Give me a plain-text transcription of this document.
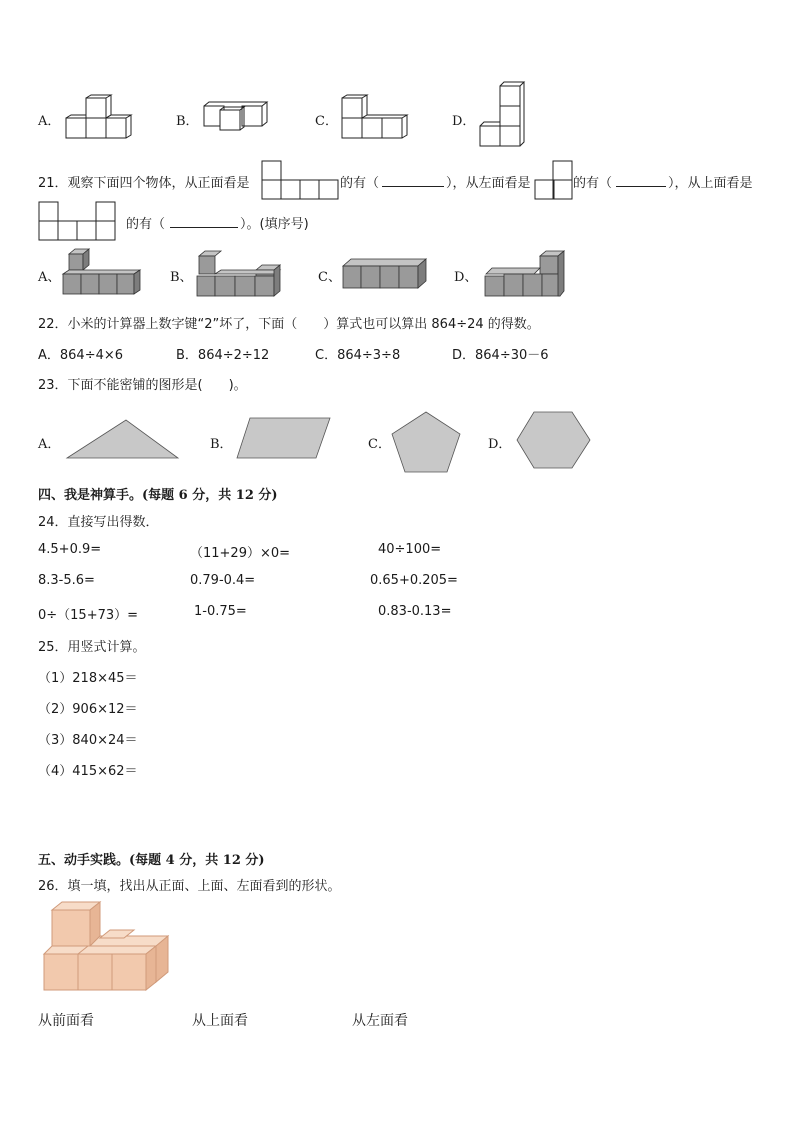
A．	B．	C．	D．
21．观察下面四个物体，从正面看是	的有（	），从左面看是	的有（	），从上面看是
的有（	）。(填序号)
A、	B、	C、	D、
22．小米的计算器上数字键“2”坏了，下面（　　）算式也可以算出 864÷24 的得数。
A．864÷4×6	B．864÷2÷12	C．864÷3÷8	D．864÷30－6
23．下面不能密铺的图形是(　　)。
A．	B．	C．	D．
四、我是神算手。(每题 6 分，共 12 分)
24．直接写出得数．
4.5+0.9=	（11+29）×0=	40÷100=
8.3-5.6=	0.79-0.4=	0.65+0.205=
0÷（15+73）=	1-0.75=	0.83-0.13=
25．用竖式计算。
（1）218×45＝
（2）906×12＝
（3）840×24＝
（4）415×62＝
五、动手实践。(每题 4 分，共 12 分)
26．填一填，找出从正面、上面、左面看到的形状。
从前面看	从上面看	从左面看
